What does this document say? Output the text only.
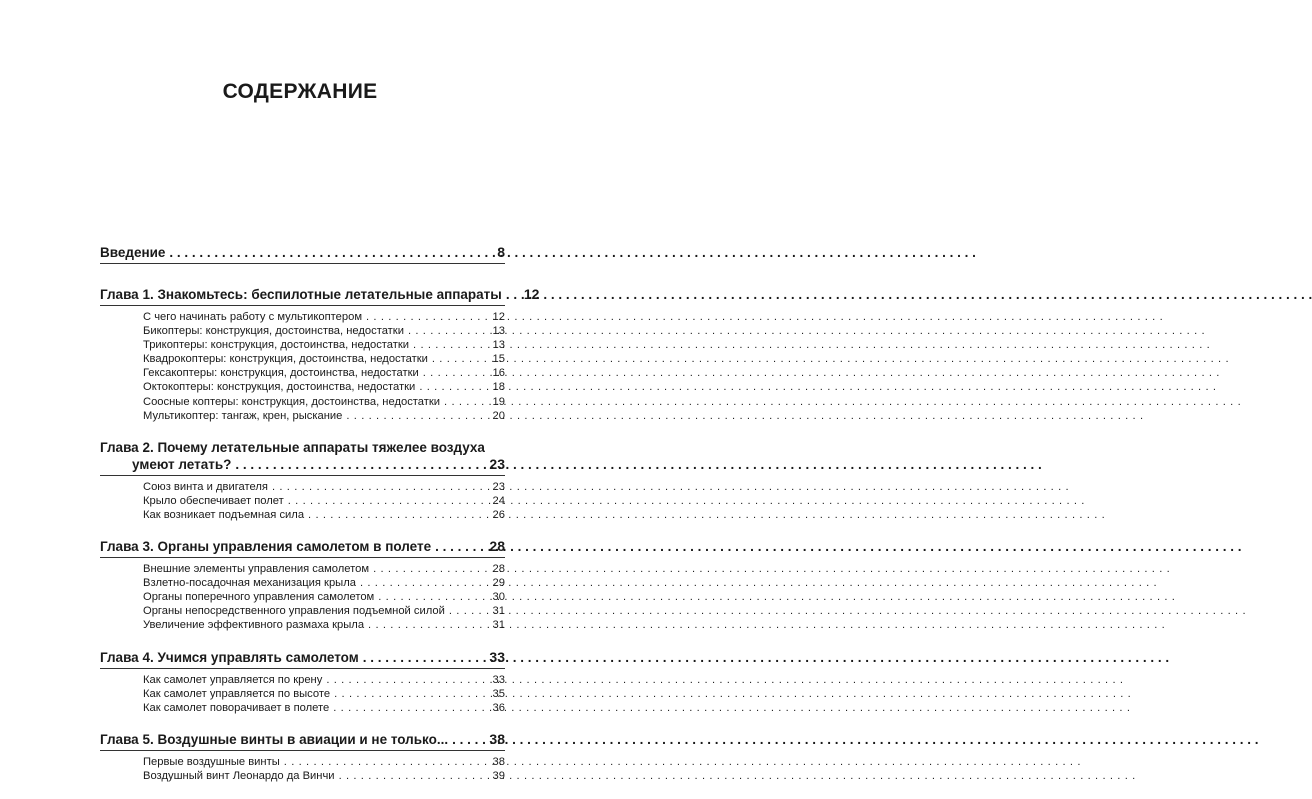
СОДЕРЖАНИЕ
Введение . . .	8
Глава 1. Знакомьтесь: беспилотные летательные аппараты . . . 12
С чего начинать работу с мультикоптером . . .	12
Бикоптеры: конструкция, достоинства, недостатки . . .	13
Трикоптеры: конструкция, достоинства, недостатки . . .	13
Квадрокоптеры: конструкция, достоинства, недостатки . . .	15
Гексакоптеры: конструкция, достоинства, недостатки . . .	16
Октокоптеры: конструкция, достоинства, недостатки . . .	18
Соосные коптеры: конструкция, достоинства, недостатки . . .	19
Мультикоптер: тангаж, крен, рыскание . . .	20
Глава 2. Почему летательные аппараты тяжелее воздуха
умеют летать? . . .	23
Союз винта и двигателя . . .	23
Крыло обеспечивает полет . . .	24
Как возникает подъемная сила . . .	26
Глава 3. Органы управления самолетом в полете . . .	28
Внешние элементы управления самолетом . . .	28
Взлетно-посадочная механизация крыла . . .	29
Органы поперечного управления самолетом . . .	30
Органы непосредственного управления подъемной силой . . .	31
Увеличение эффективного размаха крыла . . .	31
Глава 4. Учимся управлять самолетом . . .	33
Как самолет управляется по крену . . .	33
Как самолет управляется по высоте . . .	35
Как самолет поворачивает в полете . . .	36
Глава 5. Воздушные винты в авиации и не только... . . .	38
Первые воздушные винты . . .	38
Воздушный винт Леонардо да Винчи . . .	39
